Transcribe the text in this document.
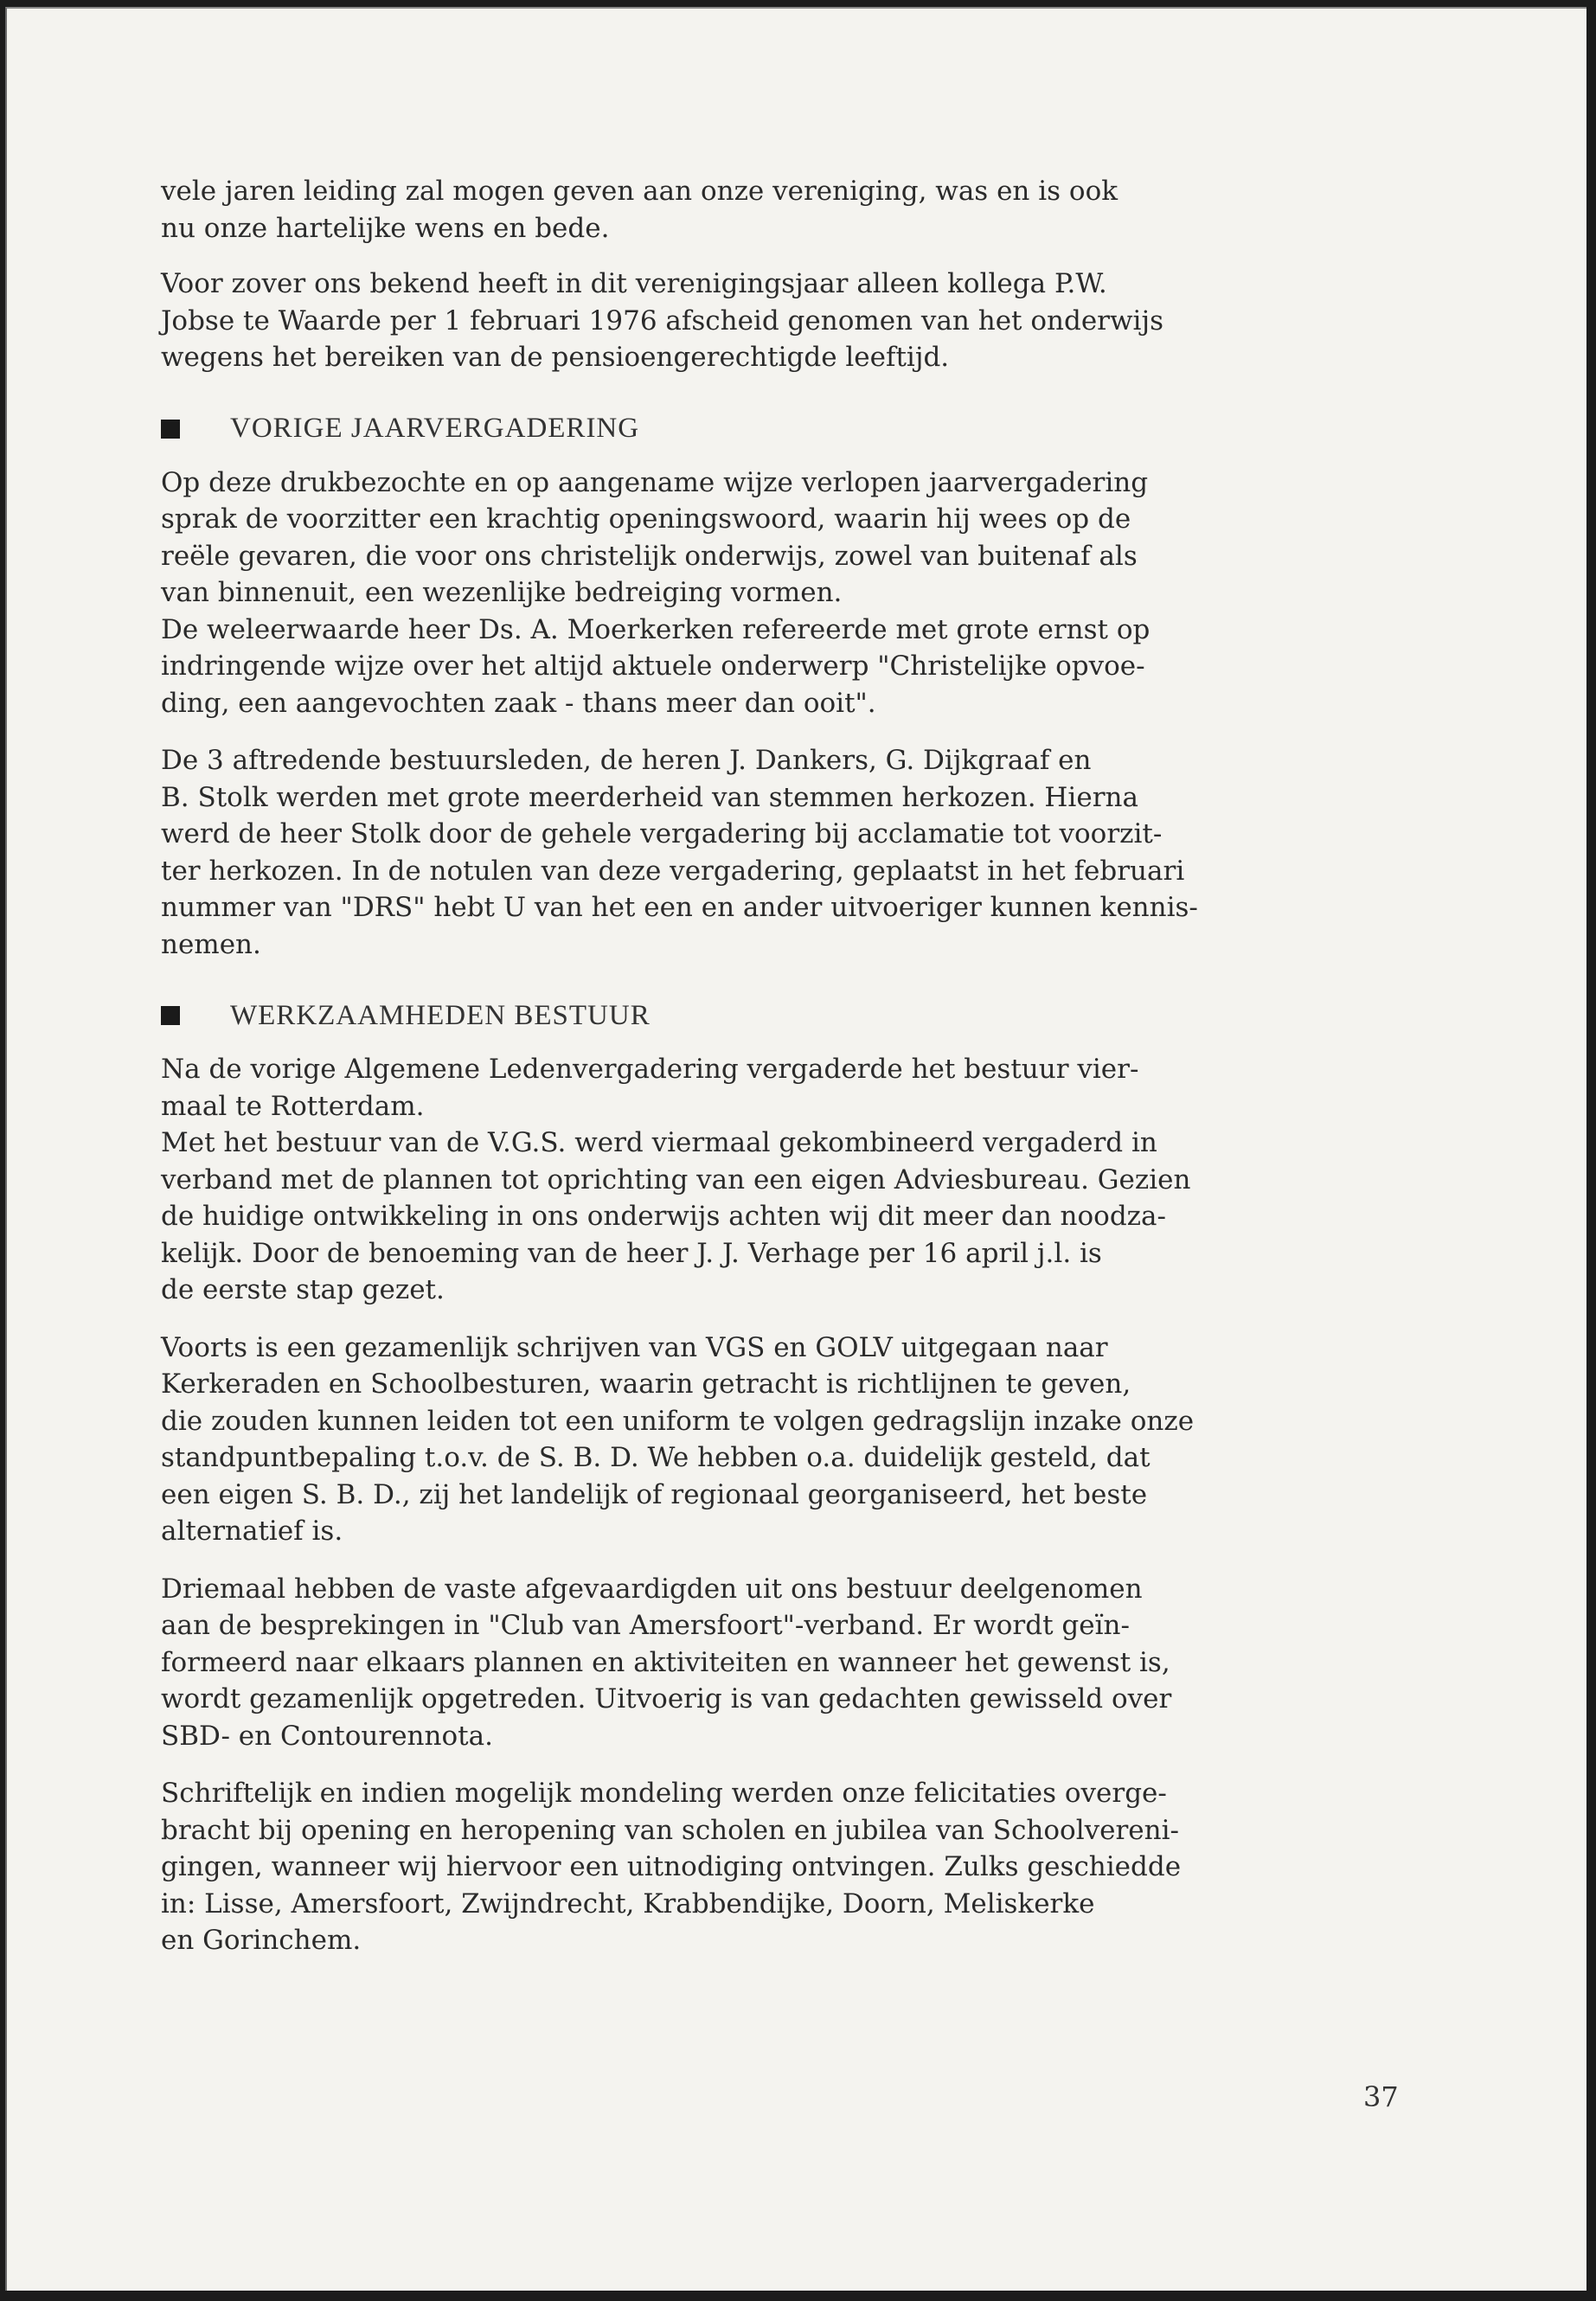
vele jaren leiding zal mogen geven aan onze vereniging, was en is ook
nu onze hartelijke wens en bede.
Voor zover ons bekend heeft in dit verenigingsjaar alleen kollega P.W.
Jobse te Waarde per 1 februari 1976 afscheid genomen van het onderwijs
wegens het bereiken van de pensioengerechtigde leeftijd.
VORIGE JAARVERGADERING
Op deze drukbezochte en op aangename wijze verlopen jaarvergadering
sprak de voorzitter een krachtig openingswoord, waarin hij wees op de
reële gevaren, die voor ons christelijk onderwijs, zowel van buitenaf als
van binnenuit, een wezenlijke bedreiging vormen.
De weleerwaarde heer Ds. A. Moerkerken refereerde met grote ernst op
indringende wijze over het altijd aktuele onderwerp "Christelijke opvoe-
ding, een aangevochten zaak - thans meer dan ooit".
De 3 aftredende bestuursleden, de heren J. Dankers, G. Dijkgraaf en
B. Stolk werden met grote meerderheid van stemmen herkozen. Hierna
werd de heer Stolk door de gehele vergadering bij acclamatie tot voorzit-
ter herkozen. In de notulen van deze vergadering, geplaatst in het februari
nummer van "DRS" hebt U van het een en ander uitvoeriger kunnen kennis-
nemen.
WERKZAAMHEDEN BESTUUR
Na de vorige Algemene Ledenvergadering vergaderde het bestuur vier-
maal te Rotterdam.
Met het bestuur van de V.G.S. werd viermaal gekombineerd vergaderd in
verband met de plannen tot oprichting van een eigen Adviesbureau. Gezien
de huidige ontwikkeling in ons onderwijs achten wij dit meer dan noodza-
kelijk. Door de benoeming van de heer J. J. Verhage per 16 april j.l. is
de eerste stap gezet.
Voorts is een gezamenlijk schrijven van VGS en GOLV uitgegaan naar
Kerkeraden en Schoolbesturen, waarin getracht is richtlijnen te geven,
die zouden kunnen leiden tot een uniform te volgen gedragslijn inzake onze
standpuntbepaling t.o.v. de S. B. D. We hebben o.a. duidelijk gesteld, dat
een eigen S. B. D., zij het landelijk of regionaal georganiseerd, het beste
alternatief is.
Driemaal hebben de vaste afgevaardigden uit ons bestuur deelgenomen
aan de besprekingen in "Club van Amersfoort"-verband. Er wordt geïn-
formeerd naar elkaars plannen en aktiviteiten en wanneer het gewenst is,
wordt gezamenlijk opgetreden. Uitvoerig is van gedachten gewisseld over
SBD- en Contourennota.
Schriftelijk en indien mogelijk mondeling werden onze felicitaties overge-
bracht bij opening en heropening van scholen en jubilea van Schoolvereni-
gingen, wanneer wij hiervoor een uitnodiging ontvingen. Zulks geschiedde
in: Lisse, Amersfoort, Zwijndrecht, Krabbendijke, Doorn, Meliskerke
en Gorinchem.
37
